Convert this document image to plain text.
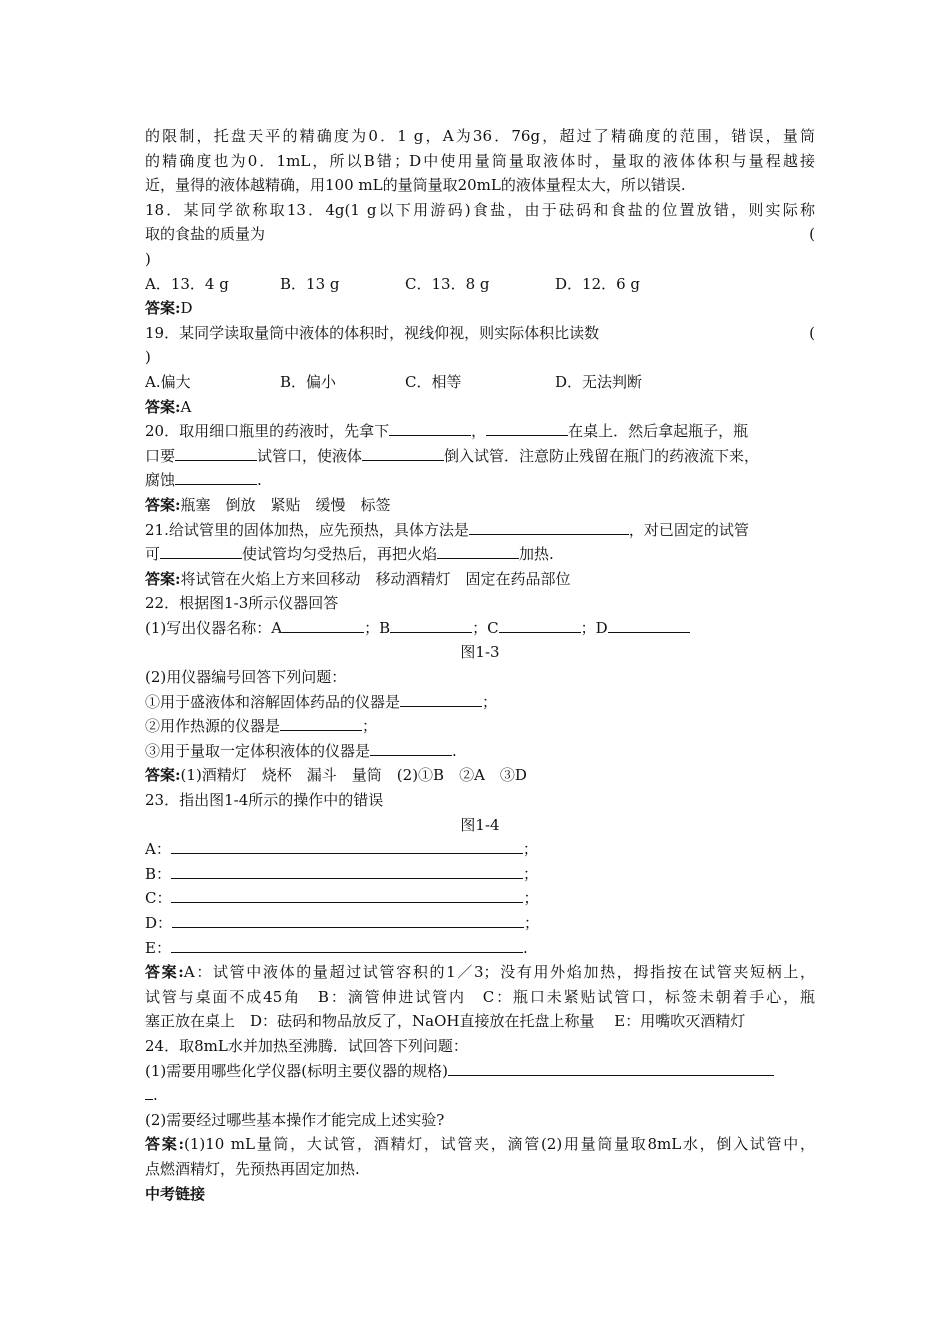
的限制，托盘天平的精确度为0．1 g，A为36．76g，超过了精确度的范围，错误，量筒
的精确度也为0．1mL，所以B错；D中使用量筒量取液体时，量取的液体体积与量程越接
近，量得的液体越精确，用100 mL的量筒量取20mL的液体量程太大，所以错误.
18．某同学欲称取13．4g(1 g以下用游码)食盐，由于砝码和食盐的位置放错，则实际称
取的食盐的质量为	(
)
A．13．4 g	B．13 g	C．13．8 g	D．12．6 g
答案:D
19．某同学读取量筒中液体的体积时，视线仰视，则实际体积比读数	(
)
A.偏大	B．偏小	C．相等	D．无法判断
答案:A
20．取用细口瓶里的药液时，先拿下	，	在桌上．然后拿起瓶子，瓶
口要	试管口，使液体	倒入试管．注意防止残留在瓶门的药液流下来，
腐蚀	.
答案:瓶塞　倒放　紧贴　缓慢　标签
21.给试管里的固体加热，应先预热，具体方法是	，对已固定的试管
可	使试管均匀受热后，再把火焰	加热.
答案:将试管在火焰上方来回移动　移动酒精灯　固定在药品部位
22．根据图1-3所示仪器回答
(1)写出仪器名称：A	；B	；C	；D
图1-3
(2)用仪器编号回答下列问题：
①用于盛液体和溶解固体药品的仪器是	；
②用作热源的仪器是	；
③用于量取一定体积液体的仪器是	.
答案:(1)酒精灯　烧杯　漏斗　量筒　(2)①B　②A　③D
23．指出图1-4所示的操作中的错误
图1-4
A：	；
B：	；
C：	；
D：	；
E：	.
答案:A：试管中液体的量超过试管容积的1／3；没有用外焰加热，拇指按在试管夹短柄上，
试管与桌面不成45角　B：滴管伸进试管内　C：瓶口未紧贴试管口，标签未朝着手心，瓶
塞正放在桌上　D：砝码和物品放反了，NaOH直接放在托盘上称量　 E：用嘴吹灭酒精灯
24．取8mL水并加热至沸腾．试回答下列问题：
(1)需要用哪些化学仪器(标明主要仪器的规格)
.
(2)需要经过哪些基本操作才能完成上述实验?
答案:(1)10 mL量筒，大试管，酒精灯，试管夹，滴管(2)用量筒量取8mL水，倒入试管中，
点燃酒精灯，先预热再固定加热.
中考链接
